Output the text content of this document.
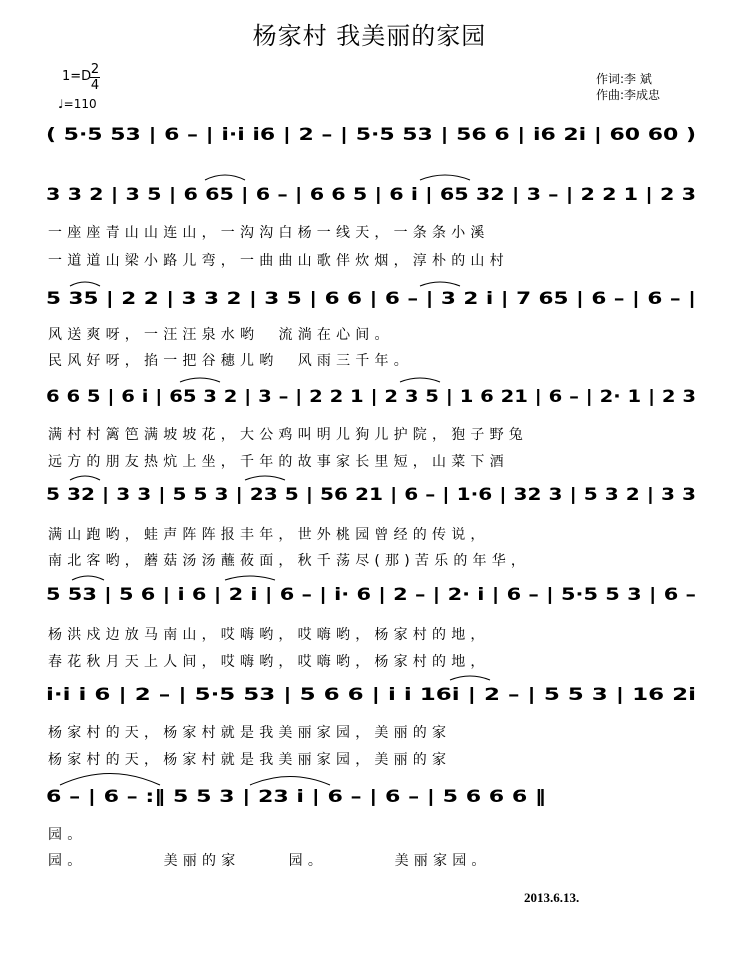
杨家村 我美丽的家园
1=D 2
4
♩=110
作词:李 斌
作曲:李成忠
( 5·5 53 | 6 – | i·i i6 | 2 – | 5·5 53 | 56 6 | i6 2i | 60 60 )
3 3 2 | 3 5 | 6 65 | 6 – | 6 6 5 | 6 i | 65 32 | 3 – | 2 2 1 | 2 3
5 35 | 2 2 | 3 3 2 | 3 5 | 6 6 | 6 – | 3 2 i | 7 65 | 6 – | 6 – |
6 6 5 | 6 i | 65 3 2 | 3 – | 2 2 1 | 2 3 5 | 1 6 21 | 6 – | 2· 1 | 2 3
5 32 | 3 3 | 5 5 3 | 23 5 | 56 21 | 6 – | 1·6 | 32 3 | 5 3 2 | 3 3
5 53 | 5 6 | i 6 | 2 i | 6 – | i· 6 | 2 – | 2· i | 6 – | 5·5 5 3 | 6 –
i·i i 6 | 2 – | 5·5 53 | 5 6 6 | i i 16i | 2 – | 5 5 3 | 16 2i
6 – | 6 – :‖ 5 5 3 | 23 i | 6 – | 6 – | 5 6 6 6 ‖
一座座青山山连山，一沟沟白杨一线天，一条条小溪
一道道山梁小路儿弯，一曲曲山歌伴炊烟，淳朴的山村
风送爽呀，一汪汪泉水哟  流淌在心间。
民风好呀，掐一把谷穗儿哟  风雨三千年。
满村村篱笆满坡坡花，大公鸡叫明儿狗儿护院，狍子野兔
远方的朋友热炕上坐，千年的故事家长里短，山菜下酒
满山跑哟，蛙声阵阵报丰年，世外桃园曾经的传说，
南北客哟，蘑菇汤汤蘸莜面，秋千荡尽(那)苦乐的年华，
杨洪戍边放马南山，哎嗨哟，哎嗨哟，杨家村的地，
春花秋月天上人间，哎嗨哟，哎嗨哟，杨家村的地，
杨家村的天，杨家村就是我美丽家园，美丽的家
杨家村的天，杨家村就是我美丽家园，美丽的家
园。
园。        美丽的家     园。       美丽家园。
2013.6.13.
